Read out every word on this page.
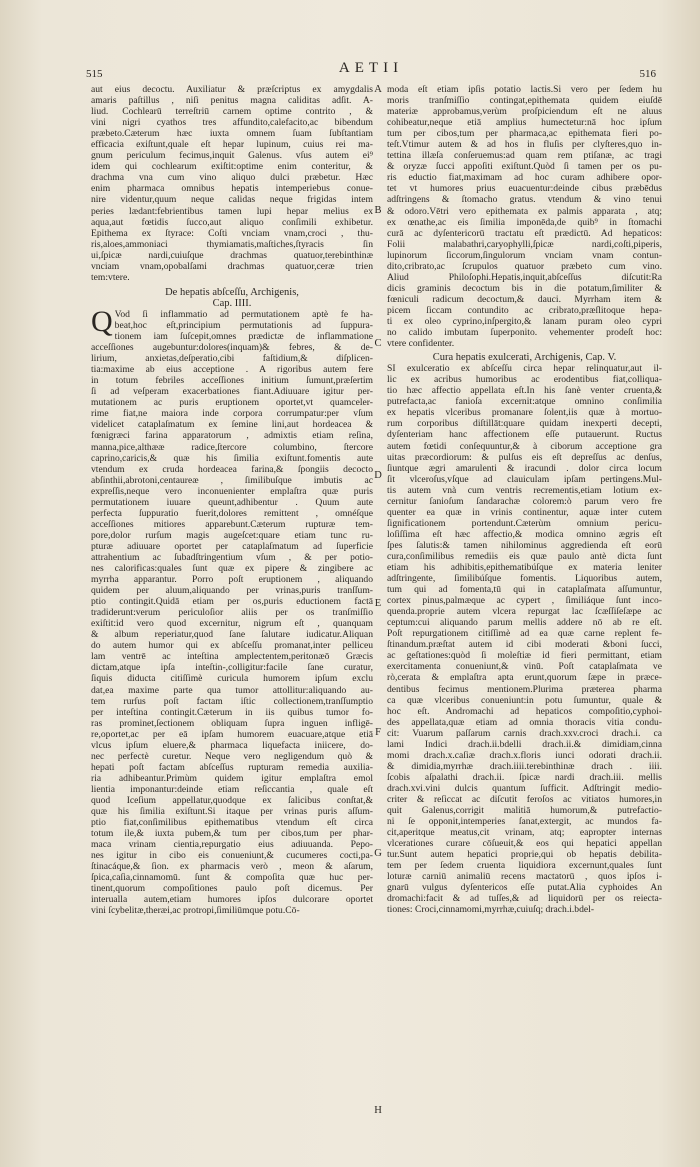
515	AETII	516
A
B
C
D
E
F
G
H
aut eius decoctu. Auxiliatur & præſcriptus ex amygdalis
amaris paſtillus , niſi penitus magna caliditas adſit. A-
liud. Cochlearū terreſtriū carnem optime contrito , &
vini nigri cyathos tres affundito,calefacito,ac bibendum
præbeto.Cæterum hæc iuxta omnem ſuam ſubſtantiam
efficacia exiſtunt,quale eſt hepar lupinum, cuius rei ma-
gnum periculum fecimus,inquit Galenus. vſus autem ei⁹
idem qui cochlearum exiſtit:optime enim conteritur, &
drachma vna cum vino aliquo dulci præbetur. Hæc
enim pharmaca omnibus hepatis intemperiebus conue-
nire videntur,quum neque calidas neque frigidas intem
peries lædant:febrientibus tamen lupi hepar melius ex
aqua,aut fœtidis ſucco,aut aliquo conſimili exhibetur.
Epithema ex ſtyrace: Coſti vnciam vnam,croci , thu-
ris,aloes,ammoniaci thymiamatis,maſtiches,ſtyracis ſin
ui,ſpicæ nardi,cuiuſque drachmas quatuor,terebinthinæ
vnciam vnam,opobalſami drachmas quatuor,ceræ trien
tem:vtere.
De hepatis abſceſſu, Archigenis,
Cap. IIII.
Q Vod ſi inflammatio ad permutationem aptè fe ha-
beat,hoc eſt,principium permutationis ad ſuppura-
tionem iam ſuſcepit,omnes prædictæ de inflammatione
acceſſiones augebuntur:dolores(inquam)& febres, & de-
lirium, anxietas,deſperatio,cibi faſtidium,& diſplicen-
tia:maxime ab eius acceptione . A rigoribus autem fere
in totum febriles acceſſiones initium ſumunt,præſertim
ſi ad veſperam exacerbationes fiant.Adiuuare igitur per-
mutationem ac puris eruptionem oportet,vt quamceler-
rime fiat,ne maiora inde corpora corrumpatur:per vſum
videlicet cataplaſmatum ex ſemine lini,aut hordeacea &
fœnigræci farina apparatorum , admixtis etiam reſina,
manna,pice,althææ radice,ſtercore columbino, ſtercore
caprino,caricis,& quæ his ſimilia exiſtunt.fomentis aute
vtendum ex cruda hordeacea farina,& ſpongiis decocto
abſinthii,abrotoni,centaureæ , ſimilibuſque imbutis ac
expreſſis,neque vero inconuenienter emplaſtra quæ puris
permutationem iuuare queunt,adhibentur . Quum aute
perfecta ſuppuratio fuerit,dolores remittent , omnéſque
acceſſiones mitiores apparebunt.Cæterum rupturæ tem-
pore,dolor rurſum magis augeſcet:quare etiam tunc ru-
pturæ adiuuare oportet per cataplaſmatum ad ſuperficie
attrahentium ac ſubadſtringentium vſum , & per potio-
nes calorificas:quales ſunt quæ ex pipere & zingibere ac
myrrha apparantur. Porro poſt eruptionem , aliquando
quidem per aluum,aliquando per vrinas,puris tranſſum-
ptio contingit.Quidā etiam per os,puris eductionem factā
tradiderunt:verum periculoſior aliis per os tranſmiſſio
exiſtit:id vero quod excernitur, nigrum eſt , quanquam
& album reperiatur,quod ſane ſalutare iudicatur.Aliquan
do autem humor qui ex abſceſſu promanat,inter pelliceu
lam ventrē ac inteſtina amplectentem,peritonæō Græcis
dictam,atque ipſa inteſtin-,colligitur:facile ſane curatur,
ſiquis diducta citiſſimè curicula humorem ipſum exclu
dat,ea maxime parte qua tumor attollitur:aliquando au-
tem rurſus poſt factam iſtic collectionem,tranſſumptio
per inteſtina contingit.Cæterum in iis quibus tumor fo-
ras prominet,ſectionem obliquam ſupra inguen infligē-
re,oportet,ac per eā ipſam humorem euacuare,atque etiā
vlcus ipſum eluere,& pharmaca liquefacta iniicere, do-
nec perfectè curetur. Neque vero negligendum quò &
hepati poſt factam abſceſſus rupturam remedia auxilia-
ria adhibeantur.Primùm quidem igitur emplaſtra emol
lientia imponantur:deinde etiam reſiccantia , quale eſt
quod Iceſium appellatur,quodque ex ſalicibus conſtat,&
quæ his ſimilia exiſtunt.Si itaque per vrinas puris aſſum-
ptio fiat,conſimilibus epithematibus vtendum eſt circa
totum ile,& iuxta pubem,& tum per cibos,tum per phar-
maca vrinam cientia,repurgatio eius adiuuanda. Pepo-
nes igitur in cibo eis conueniunt,& cucumeres cocti,pa-
ſtinacáque,& ſion. ex pharmacis verò , meon & aſarum,
ſpica,caſia,cinnamomū. ſunt & compoſita quæ huc per-
tinent,quorum compoſitiones paulo poſt dicemus. Per
interualla autem,etiam humores ipſos dulcorare oportet
vini ſcybelitæ,theræi,ac protropi,ſimiliūmque potu.Cō-
moda eſt etiam ipſis potatio lactis.Si vero per ſedem hu
moris tranſmiſſio contingat,epithemata quidem eiuſdē
materiæ approbamus,verùm proſpiciendum eſt ne aluus
cohibeatur,neque etiā amplius humectetur:nā hoc ipſum
tum per cibos,tum per pharmaca,ac epithemata fieri po-
teſt.Vtimur autem & ad hos in fluſis per clyſteres,quo in-
tettina illæſa conſeruemus:ad quam rem ptiſanæ, ac tragi
& oryzæ ſucci appoſiti exiſtunt.Quòd ſi tamen per os pu-
ris eductio fiat,maximam ad hoc curam adhibere opor-
tet vt humores prius euacuentur:deinde cibus præbēdus
adſtringens & ſtomacho gratus. vtendum & vino tenui
& odoro.Vētri vero epithemata ex palmis apparata , atq;
ex œnathe,ac eis ſimilia imponēda,de quib⁹ in ſtomachi
curā ac dyſentericorū tractatu eſt prædictū. Ad hepaticos:
Folii malabathri,caryophylli,ſpicæ nardi,coſti,piperis,
lupinorum ſiccorum,ſingulorum vnciam vnam contun-
dito,cribrato,ac ſcrupulos quatuor præbeto cum vino.
Aliud Philoſophi.Hepatis,inquit,abſceſſus diſcutit:Ra
dicis graminis decoctum bis in die potatum,ſimiliter &
fœniculi radicum decoctum,& dauci. Myrrham item &
picem ſiccam contundito ac cribrato,præſlitoque hepa-
ti ex oleo cyprino,inſpergito,& lanam puram oleo cypri
no calido imbutam ſuperponito. vehementer prodeſt hoc:
vtere confidenter.
Cura hepatis exulcerati, Archigenis, Cap. V.
SI exulceratio ex abſceſſu circa hepar relinquatur,aut il-
lic ex acribus humoribus ac erodentibus fiat,colliqua-
tio hæc affectio appellata eſt.In his ſanè venter cruenta,&
putrefacta,ac fanioſa excernit:atque omnino conſimilia
ex hepatis vlceribus promanare ſolent,iis quæ à mortuo-
rum corporibus diſtillāt:quare quidam inexperti decepti,
dyſenteriam hanc affectionem eſſe putauerunt. Ructus
autem fœtidi conſequuntur,& à ciborum acceptione gra
uitas præcordiorum: & pulſus eis eſt depreſſus ac denſus,
ſiuntque ægri amarulenti & iracundi . dolor circa locum
ſit vlceroſus,vſque ad clauiculam ipſam pertingens.Mul-
tis autem vnà cum ventris recrementis,etiam lotium ex-
cernitur ſanioſum ſandarachæ colorem:ò parum vero fre
quenter ea quæ in vrinis continentur, aquæ inter cutem
ſignificationem portendunt.Cæterùm omnium pericu-
loſiſſima eſt hæc affectio,& modica omnino ægris eſt
ſpes ſalutis:& tamen nihilominus aggredienda eſt eorū
cura,conſimilibus remediis eis quæ paulo antè dicta ſunt
etiam his adhibitis,epithematibúſque ex materia leniter
adſtringente, ſimilibúſque fomentis. Liquoribus autem,
tum qui ad fomenta,tū qui in cataplaſmata aſſumuntur,
cortex pinus,palmæque ac cypert , ſimiliáque ſunt inco-
quenda.proprie autem vlcera repurgat lac ſcæſſiſeſæpe ac
ceptum:cui aliquando parum mellis addere nō ab re eſt.
Poſt repurgationem citiſſimè ad ea quæ carne replent fe-
ſtinandum.præſtat autem id cibi moderati &boni ſucci,
ac geſtationes:quòd ſi moleſtiæ id fieri permittant, etiam
exercitamenta conueniunt,& vinū. Poſt cataplaſmata ve
rò,cerata & emplaſtra apta erunt,quorum ſæpe in præce-
dentibus fecimus mentionem.Plurima præterea pharma
ca quæ vlceribus conueniunt:in potu ſumuntur, quale &
hoc eſt. Andromachi ad hepaticos compoſitio,cyphoi-
des appellata,quæ etiam ad omnia thoracis vitia condu-
cit: Vuarum paſſarum carnis drach.xxv.croci drach.i. ca
lami Indici drach.ii.bdelli drach.ii.& dimidiam,cinna
momi drach.x.caſiæ drach.x.floris iunci odorati drach.ii.
& dimidia,myrrhæ drach.iiii.terebinthinæ drach . iiii.
ſcobis aſpalathi drach.ii. ſpicæ nardi drach.iii. mellis
drach.xvi.vini dulcis quantum ſufficit. Adſtringit medio-
criter & reſiccat ac diſcutit feroſos ac vitiatos humores,in
quit Galenus,corrigit malitiā humorum,& putrefactio-
ni ſe opponit,intemperies ſanat,extergit, ac mundos fa-
cit,aperitque meatus,cit vrinam, atq; eapropter internas
vlcerationes curare cōſueuit,& eos qui hepatici appellan
tur.Sunt autem hepatici proprie,qui ob hepatis debilita-
tem per ſedem cruenta liquidiora excernunt,quales ſunt
loturæ carniū animaliū recens mactatorū , quos ipſos i-
gnarū vulgus dyſentericos eſſe putat.Alia cyphoides An
dromachi:facit & ad tuſſes,& ad liquidorū per os reiecta-
tiones: Croci,cinnamomi,myrrhæ,cuiuſq; drach.i.bdel-
